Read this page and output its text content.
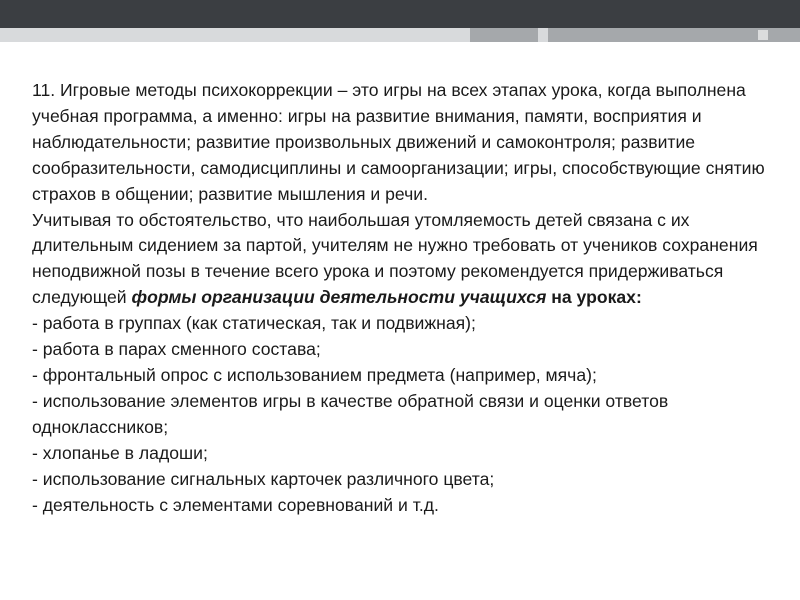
11. Игровые методы психокоррекции – это игры на всех этапах урока, когда выполнена учебная программа, а именно: игры на развитие внимания, памяти, восприятия и наблюдательности; развитие произвольных движений и самоконтроля; развитие сообразительности, самодисциплины и самоорганизации; игры, способствующие снятию страхов в общении; развитие мышления и речи.

Учитывая то обстоятельство, что наибольшая утомляемость детей связана с их длительным сидением за партой, учителям не нужно требовать от учеников сохранения неподвижной позы в течение всего урока и поэтому рекомендуется придерживаться следующей формы организации деятельности учащихся на уроках:

- работа в группах (как статическая, так и подвижная);
- работа в парах сменного состава;
- фронтальный опрос с использованием предмета (например, мяча);
- использование элементов игры в качестве обратной связи и оценки ответов одноклассников;
- хлопанье в ладоши;
- использование сигнальных карточек различного цвета;
- деятельность с элементами соревнований и т.д.
